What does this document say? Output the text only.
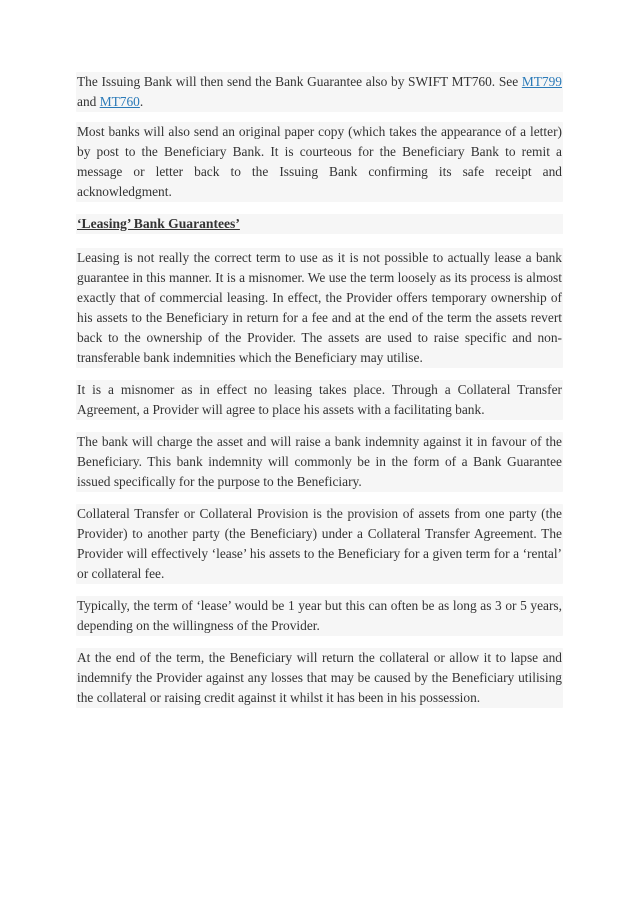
The Issuing Bank will then send the Bank Guarantee also by SWIFT MT760. See MT799 and MT760.

Most banks will also send an original paper copy (which takes the appearance of a letter) by post to the Beneficiary Bank. It is courteous for the Beneficiary Bank to remit a message or letter back to the Issuing Bank confirming its safe receipt and acknowledgment.

‘Leasing’ Bank Guarantees’

Leasing is not really the correct term to use as it is not possible to actually lease a bank guarantee in this manner. It is a misnomer. We use the term loosely as its process is almost exactly that of commercial leasing. In effect, the Provider offers temporary ownership of his assets to the Beneficiary in return for a fee and at the end of the term the assets revert back to the ownership of the Provider. The assets are used to raise specific and non-transferable bank indemnities which the Beneficiary may utilise.

It is a misnomer as in effect no leasing takes place. Through a Collateral Transfer Agreement, a Provider will agree to place his assets with a facilitating bank.

The bank will charge the asset and will raise a bank indemnity against it in favour of the Beneficiary. This bank indemnity will commonly be in the form of a Bank Guarantee issued specifically for the purpose to the Beneficiary.

Collateral Transfer or Collateral Provision is the provision of assets from one party (the Provider) to another party (the Beneficiary) under a Collateral Transfer Agreement. The Provider will effectively ‘lease’ his assets to the Beneficiary for a given term for a ‘rental’ or collateral fee.

Typically, the term of ‘lease’ would be 1 year but this can often be as long as 3 or 5 years, depending on the willingness of the Provider.

At the end of the term, the Beneficiary will return the collateral or allow it to lapse and indemnify the Provider against any losses that may be caused by the Beneficiary utilising the collateral or raising credit against it whilst it has been in his possession.
